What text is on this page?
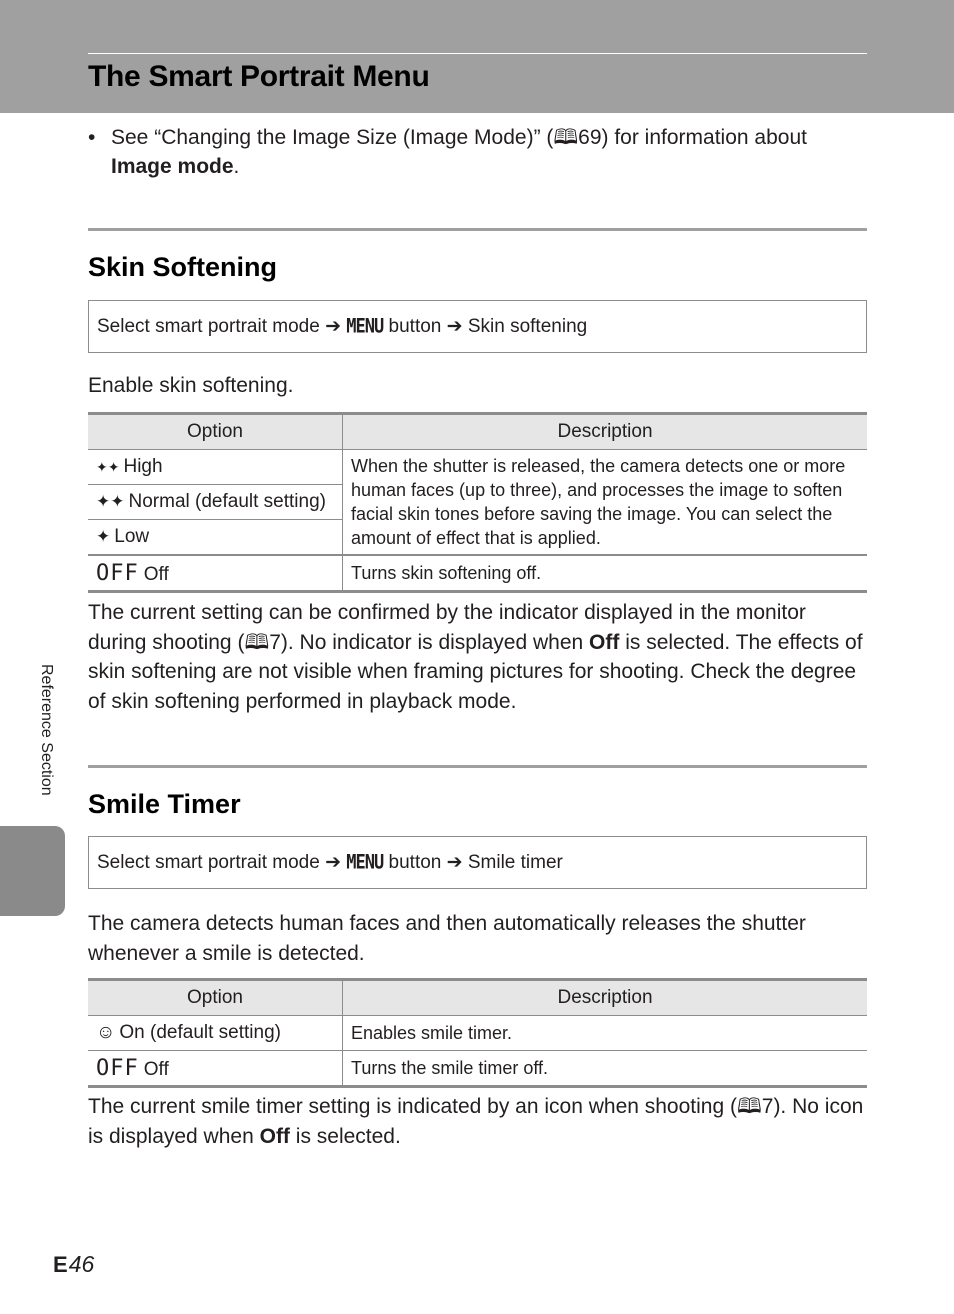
The Smart Portrait Menu
• See “Changing the Image Size (Image Mode)” (🕮69) for information about
Image mode.
Skin Softening
Select smart portrait mode ➔ MENU button ➔ Skin softening
Enable skin softening.
Option	Description
✦✦ High	When the shutter is released, the camera detects one or more human faces (up to three), and processes the image to soften facial skin tones before saving the image. You can select the amount of effect that is applied.
✦✦ Normal (default setting)	
✦ Low	
OFF Off	Turns skin softening off.
The current setting can be confirmed by the indicator displayed in the monitor during shooting (🕮7). No indicator is displayed when Off is selected. The effects of skin softening are not visible when framing pictures for shooting. Check the degree of skin softening performed in playback mode.
Smile Timer
Select smart portrait mode ➔ MENU button ➔ Smile timer
The camera detects human faces and then automatically releases the shutter whenever a smile is detected.
Option	Description
☺ On (default setting)	Enables smile timer.
OFF Off	Turns the smile timer off.
The current smile timer setting is indicated by an icon when shooting (🕮7). No icon is displayed when Off is selected.
Reference Section
E46
